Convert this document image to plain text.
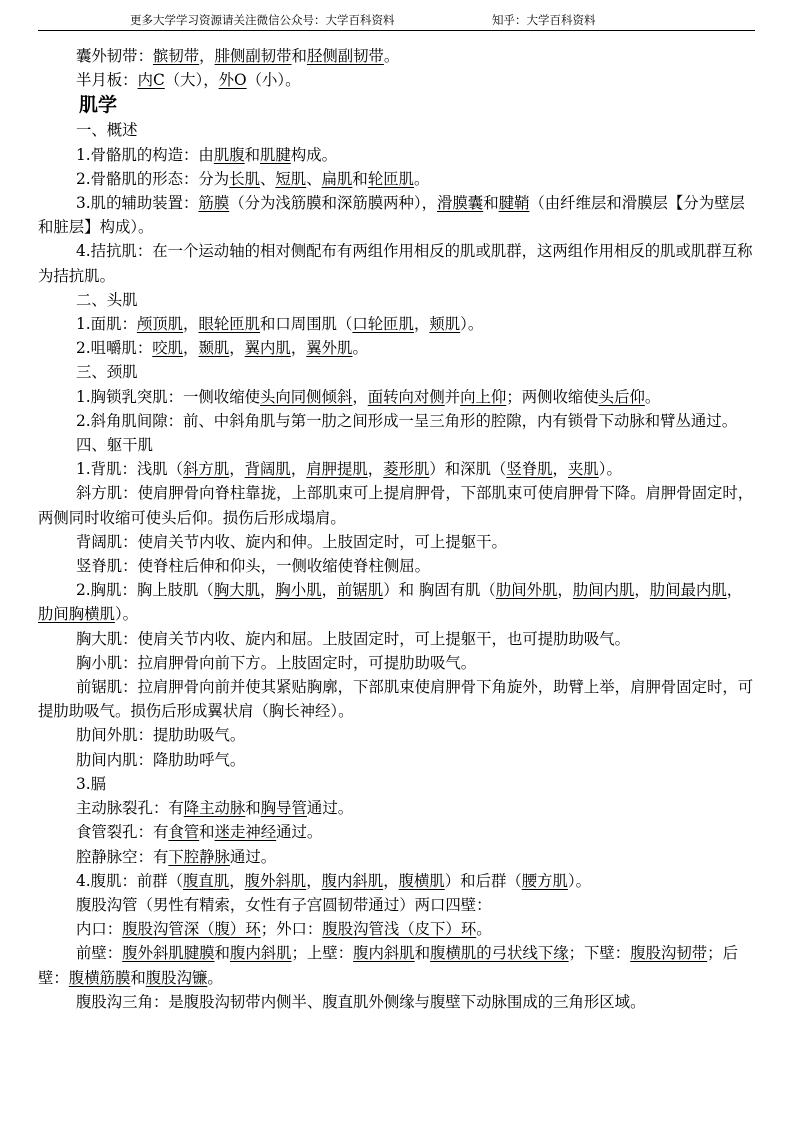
更多大学学习资源请关注微信公众号：大学百科资料	知乎：大学百科资料

囊外韧带：髌韧带，腓侧副韧带和胫侧副韧带。

半月板：内C（大），外O（小）。

肌学

一、概述

1.骨骼肌的构造：由肌腹和肌腱构成。

2.骨骼肌的形态：分为长肌、短肌、扁肌和轮匝肌。

3.肌的辅助装置：筋膜（分为浅筋膜和深筋膜两种），滑膜囊和腱鞘（由纤维层和滑膜层【分为壁层和脏层】构成）。

4.拮抗肌：在一个运动轴的相对侧配布有两组作用相反的肌或肌群，这两组作用相反的肌或肌群互称为拮抗肌。

二、头肌

1.面肌：颅顶肌，眼轮匝肌和口周围肌（口轮匝肌，颊肌）。

2.咀嚼肌：咬肌，颞肌，翼内肌，翼外肌。

三、颈肌

1.胸锁乳突肌：一侧收缩使头向同侧倾斜，面转向对侧并向上仰；两侧收缩使头后仰。

2.斜角肌间隙：前、中斜角肌与第一肋之间形成一呈三角形的腔隙，内有锁骨下动脉和臂丛通过。

四、躯干肌

1.背肌：浅肌（斜方肌，背阔肌，肩胛提肌，菱形肌）和深肌（竖脊肌，夹肌）。

斜方肌：使肩胛骨向脊柱靠拢，上部肌束可上提肩胛骨，下部肌束可使肩胛骨下降。肩胛骨固定时，两侧同时收缩可使头后仰。损伤后形成塌肩。

背阔肌：使肩关节内收、旋内和伸。上肢固定时，可上提躯干。

竖脊肌：使脊柱后伸和仰头，一侧收缩使脊柱侧屈。

2.胸肌：胸上肢肌（胸大肌，胸小肌，前锯肌）和 胸固有肌（肋间外肌，肋间内肌，肋间最内肌，肋间胸横肌）。

胸大肌：使肩关节内收、旋内和屈。上肢固定时，可上提躯干，也可提肋助吸气。

胸小肌：拉肩胛骨向前下方。上肢固定时，可提肋助吸气。

前锯肌：拉肩胛骨向前并使其紧贴胸廓，下部肌束使肩胛骨下角旋外，助臂上举，肩胛骨固定时，可提肋助吸气。损伤后形成翼状肩（胸长神经）。

肋间外肌：提肋助吸气。

肋间内肌：降肋助呼气。

3.膈

主动脉裂孔：有降主动脉和胸导管通过。

食管裂孔：有食管和迷走神经通过。

腔静脉空：有下腔静脉通过。

4.腹肌：前群（腹直肌，腹外斜肌，腹内斜肌，腹横肌）和后群（腰方肌）。

腹股沟管（男性有精索，女性有子宫圆韧带通过）两口四壁：

内口：腹股沟管深（腹）环；外口：腹股沟管浅（皮下）环。

前壁：腹外斜肌腱膜和腹内斜肌；上壁：腹内斜肌和腹横肌的弓状线下缘；下壁：腹股沟韧带；后壁：腹横筋膜和腹股沟镰。

腹股沟三角：是腹股沟韧带内侧半、腹直肌外侧缘与腹壁下动脉围成的三角形区域。
